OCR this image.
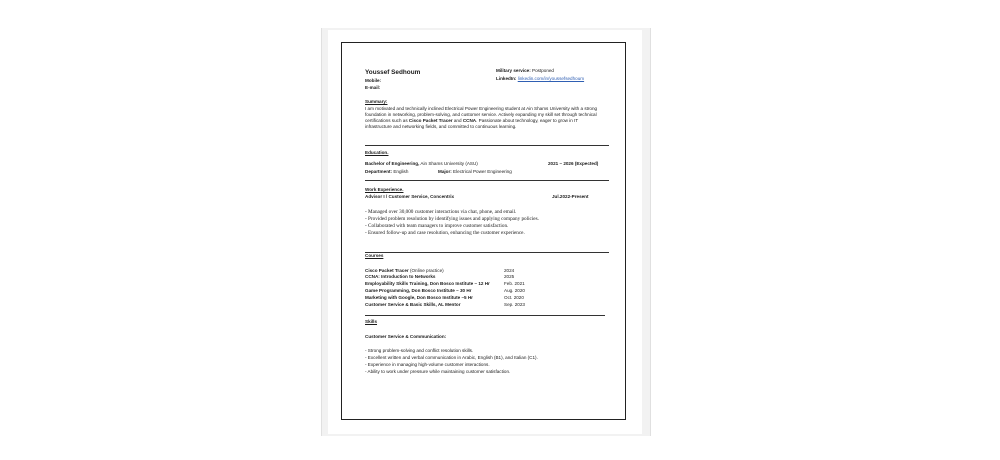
Youssef Sedhoum
Mobile:
E-mail:
Military service: Postponed
LinkedIn: linkedin.com/in/youssefsedhoum
Summary:
I am motivated and technically inclined Electrical Power Engineering student at Ain Shams University with a strong foundation in networking, problem-solving, and customer service. Actively expanding my skill set through technical certifications such as Cisco Packet Tracer and CCNA. Passionate about technology, eager to grow in IT infrastructure and networking fields, and committed to continuous learning.
Education.
Bachelor of Engineering, Ain Shams University (ASU)	2021 – 2026 (Expected)
Department: English	Major: Electrical Power Engineering
Work Experience.
Advisor I / Customer Service, Concentrix	Jul.2022-Present
- Managed over 30,000 customer interactions via chat, phone, and email.
- Provided problem resolution by identifying issues and applying company policies.
- Collaborated with team managers to improve customer satisfaction.
- Ensured follow-up and case resolution, enhancing the customer experience.
Courses
Cisco Packet Tracer (Online practice)	2024
CCNA: Introduction to Networks	2025
Employability Skills Training, Don Bosco Institute – 12 Hr	Feb. 2021
Game Programming, Don Bosco Institute – 30 Hr	Aug. 2020
Marketing with Google, Don Bosco Institute –5 Hr	Oct. 2020
Customer Service & Basic Skills, AL Mentor	Sep. 2023
Skills
Customer Service & Communication:
- Strong problem-solving and conflict resolution skills.
- Excellent written and verbal communication in Arabic, English (B1), and Italian (C1).
- Experience in managing high-volume customer interactions.
- Ability to work under pressure while maintaining customer satisfaction.
